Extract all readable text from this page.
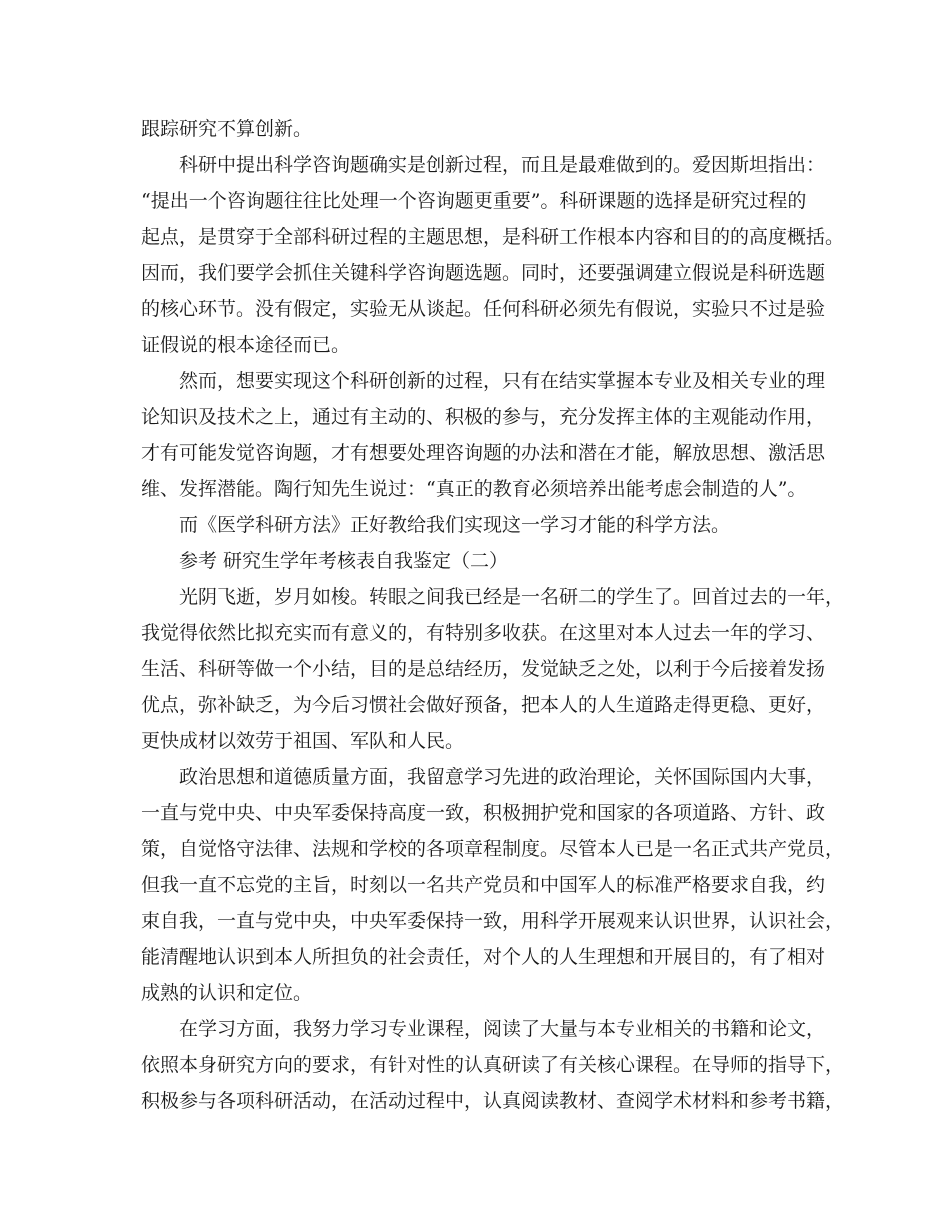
跟踪研究不算创新。
科研中提出科学咨询题确实是创新过程，而且是最难做到的。爱因斯坦指出：
“提出一个咨询题往往比处理一个咨询题更重要”。科研课题的选择是研究过程的
起点，是贯穿于全部科研过程的主题思想，是科研工作根本内容和目的的高度概括。
因而，我们要学会抓住关键科学咨询题选题。同时，还要强调建立假说是科研选题
的核心环节。没有假定，实验无从谈起。任何科研必须先有假说，实验只不过是验
证假说的根本途径而已。
然而，想要实现这个科研创新的过程，只有在结实掌握本专业及相关专业的理
论知识及技术之上，通过有主动的、积极的参与，充分发挥主体的主观能动作用，
才有可能发觉咨询题，才有想要处理咨询题的办法和潜在才能，解放思想、激活思
维、发挥潜能。陶行知先生说过：“真正的教育必须培养出能考虑会制造的人”。
而《医学科研方法》正好教给我们实现这一学习才能的科学方法。
参考 研究生学年考核表自我鉴定（二）
光阴飞逝，岁月如梭。转眼之间我已经是一名研二的学生了。回首过去的一年，
我觉得依然比拟充实而有意义的，有特别多收获。在这里对本人过去一年的学习、
生活、科研等做一个小结，目的是总结经历，发觉缺乏之处，以利于今后接着发扬
优点，弥补缺乏，为今后习惯社会做好预备，把本人的人生道路走得更稳、更好，
更快成材以效劳于祖国、军队和人民。
政治思想和道德质量方面，我留意学习先进的政治理论，关怀国际国内大事，
一直与党中央、中央军委保持高度一致，积极拥护党和国家的各项道路、方针、政
策，自觉恪守法律、法规和学校的各项章程制度。尽管本人已是一名正式共产党员，
但我一直不忘党的主旨，时刻以一名共产党员和中国军人的标准严格要求自我，约
束自我，一直与党中央，中央军委保持一致，用科学开展观来认识世界，认识社会，
能清醒地认识到本人所担负的社会责任，对个人的人生理想和开展目的，有了相对
成熟的认识和定位。
在学习方面，我努力学习专业课程，阅读了大量与本专业相关的书籍和论文，
依照本身研究方向的要求，有针对性的认真研读了有关核心课程。在导师的指导下，
积极参与各项科研活动，在活动过程中，认真阅读教材、查阅学术材料和参考书籍，
